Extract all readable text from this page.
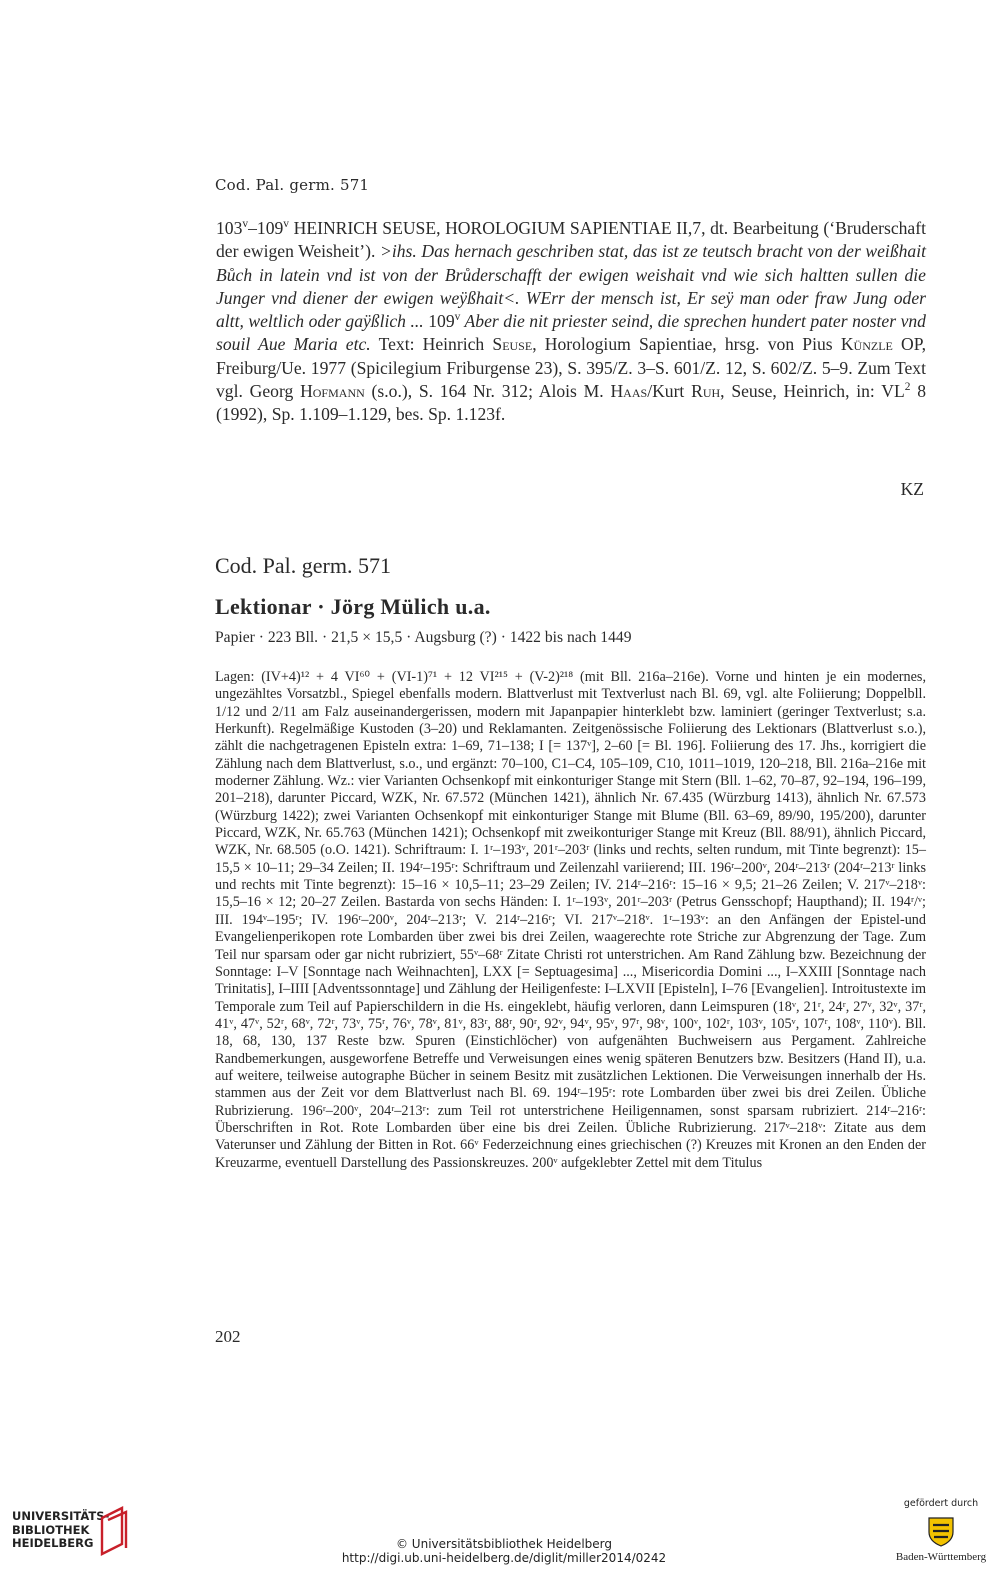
Cod. Pal. germ. 571
103$^v$–109$^v$ HEINRICH SEUSE, HOROLOGIUM SAPIENTIAE II,7, dt. Bearbeitung (‘Bruderschaft der ewigen Weisheit’). >ihs. Das hernach geschriben stat, das ist ze teutsch bracht von der weißhait Bůch in latein vnd ist von der Brůderschafft der ewigen weishait vnd wie sich haltten sullen die Junger vnd diener der ewigen weÿßhait<. WErr der mensch ist, Er seÿ man oder fraw Jung oder altt, weltlich oder gaÿßlich ... 109$^v$ Aber die nit priester seind, die sprechen hundert pater noster vnd souil Aue Maria etc. Text: Heinrich Seuse, Horologium Sapientiae, hrsg. von Pius Künzle OP, Freiburg/Ue. 1977 (Spicilegium Friburgense 23), S. 395/Z. 3–S. 601/Z. 12, S. 602/Z. 5–9. Zum Text vgl. Georg Hofmann (s.o.), S. 164 Nr. 312; Alois M. Haas/Kurt Ruh, Seuse, Heinrich, in: $VL^2$ 8 (1992), Sp. 1.109–1.129, bes. Sp. 1.123f.
KZ
Cod. Pal. germ. 571
Lektionar · Jörg Mülich u.a.
Papier · 223 Bll. · 21,5 × 15,5 · Augsburg (?) · 1422 bis nach 1449
Lagen: (IV+4)¹² + 4 VI⁶⁰ + (VI-1)⁷¹ + 12 VI²¹⁵ + (V-2)²¹⁸ (mit Bll. 216a–216e). Vorne und hinten je ein modernes, ungezähltes Vorsatzbl., Spiegel ebenfalls modern. Blattverlust mit Textverlust nach Bl. 69, vgl. alte Foliierung; Doppelbll. 1/12 und 2/11 am Falz auseinandergerissen, modern mit Japanpapier hinterklebt bzw. laminiert (geringer Textverlust; s.a. Herkunft). Regelmäßige Kustoden (3–20) und Reklamanten. Zeitgenössische Foliierung des Lektionars (Blattverlust s.o.), zählt die nachgetragenen Episteln extra: 1–69, 71–138; I [= 137ᵛ], 2–60 [= Bl. 196]. Foliierung des 17. Jhs., korrigiert die Zählung nach dem Blattverlust, s.o., und ergänzt: 70–100, C1–C4, 105–109, C10, 1011–1019, 120–218, Bll. 216a–216e mit moderner Zählung. Wz.: vier Varianten Ochsenkopf mit einkonturiger Stange mit Stern (Bll. 1–62, 70–87, 92–194, 196–199, 201–218), darunter Piccard, WZK, Nr. 67.572 (München 1421), ähnlich Nr. 67.435 (Würzburg 1413), ähnlich Nr. 67.573 (Würzburg 1422); zwei Varianten Ochsenkopf mit einkonturiger Stange mit Blume (Bll. 63–69, 89/90, 195/200), darunter Piccard, WZK, Nr. 65.763 (München 1421); Ochsenkopf mit zweikonturiger Stange mit Kreuz (Bll. 88/91), ähnlich Piccard, WZK, Nr. 68.505 (o.O. 1421). Schriftraum: I. 1ʳ–193ᵛ, 201ʳ–203ʳ (links und rechts, selten rundum, mit Tinte begrenzt): 15–15,5 × 10–11; 29–34 Zeilen; II. 194ʳ–195ʳ: Schriftraum und Zeilenzahl variierend; III. 196ʳ–200ᵛ, 204ʳ–213ʳ (204ʳ–213ʳ links und rechts mit Tinte begrenzt): 15–16 × 10,5–11; 23–29 Zeilen; IV. 214ʳ–216ʳ: 15–16 × 9,5; 21–26 Zeilen; V. 217ᵛ–218ᵛ: 15,5–16 × 12; 20–27 Zeilen. Bastarda von sechs Händen: I. 1ʳ–193ᵛ, 201ʳ–203ʳ (Petrus Gensschopf; Haupthand); II. 194ʳ/ᵛ; III. 194ᵛ–195ʳ; IV. 196ʳ–200ᵛ, 204ʳ–213ʳ; V. 214ʳ–216ʳ; VI. 217ᵛ–218ᵛ. 1ʳ–193ᵛ: an den Anfängen der Epistel-und Evangelienperikopen rote Lombarden über zwei bis drei Zeilen, waagerechte rote Striche zur Abgrenzung der Tage. Zum Teil nur sparsam oder gar nicht rubriziert, 55ᵛ–68ʳ Zitate Christi rot unterstrichen. Am Rand Zählung bzw. Bezeichnung der Sonntage: I–V [Sonntage nach Weihnachten], LXX [= Septuagesima] ..., Misericordia Domini ..., I–XXIII [Sonntage nach Trinitatis], I–IIII [Adventssonntage] und Zählung der Heiligenfeste: I–LXVII [Episteln], I–76 [Evangelien]. Introitustexte im Temporale zum Teil auf Papierschildern in die Hs. eingeklebt, häufig verloren, dann Leimspuren (18ᵛ, 21ʳ, 24ʳ, 27ᵛ, 32ᵛ, 37ʳ, 41ᵛ, 47ᵛ, 52ʳ, 68ᵛ, 72ʳ, 73ᵛ, 75ʳ, 76ᵛ, 78ᵛ, 81ᵛ, 83ʳ, 88ʳ, 90ʳ, 92ᵛ, 94ᵛ, 95ᵛ, 97ʳ, 98ᵛ, 100ᵛ, 102ʳ, 103ᵛ, 105ᵛ, 107ʳ, 108ᵛ, 110ᵛ). Bll. 18, 68, 130, 137 Reste bzw. Spuren (Einstichlöcher) von aufgenähten Buchweisern aus Pergament. Zahlreiche Randbemerkungen, ausgeworfene Betreffe und Verweisungen eines wenig späteren Benutzers bzw. Besitzers (Hand II), u.a. auf weitere, teilweise autographe Bücher in seinem Besitz mit zusätzlichen Lektionen. Die Verweisungen innerhalb der Hs. stammen aus der Zeit vor dem Blattverlust nach Bl. 69. 194ʳ–195ʳ: rote Lombarden über zwei bis drei Zeilen. Übliche Rubrizierung. 196ʳ–200ᵛ, 204ʳ–213ʳ: zum Teil rot unterstrichene Heiligennamen, sonst sparsam rubriziert. 214ʳ–216ʳ: Überschriften in Rot. Rote Lombarden über eine bis drei Zeilen. Übliche Rubrizierung. 217ᵛ–218ᵛ: Zitate aus dem Vaterunser und Zählung der Bitten in Rot. 66ᵛ Federzeichnung eines griechischen (?) Kreuzes mit Kronen an den Enden der Kreuzarme, eventuell Darstellung des Passionskreuzes. 200ᵛ aufgeklebter Zettel mit dem Titulus
202
UNIVERSITÄTS-
BIBLIOTHEK
HEIDELBERG	© Universitätsbibliothek Heidelberg
http://digi.ub.uni-heidelberg.de/diglit/miller2014/0242
gefördert durch
Baden-Württemberg
